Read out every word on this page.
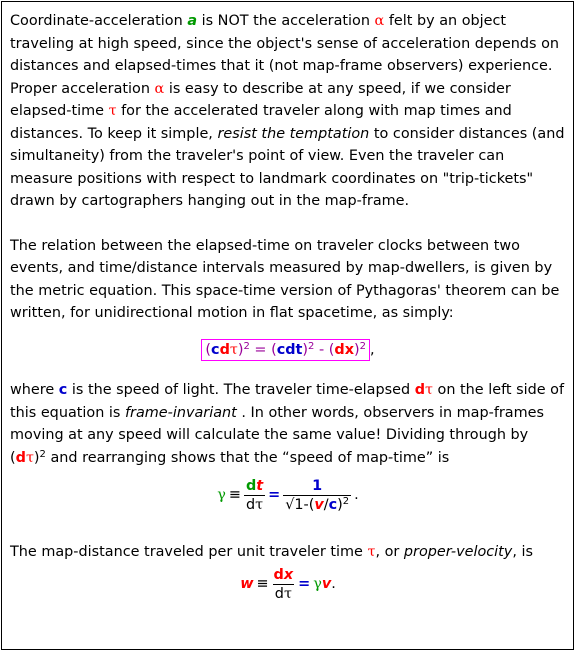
Coordinate-acceleration a is NOT the acceleration α felt by an object traveling at high speed, since the object's sense of acceleration depends on distances and elapsed-times that it (not map-frame observers) experience. Proper acceleration α is easy to describe at any speed, if we consider elapsed-time τ for the accelerated traveler along with map times and distances. To keep it simple, resist the temptation to consider distances (and simultaneity) from the traveler's point of view. Even the traveler can measure positions with respect to landmark coordinates on "trip-tickets" drawn by cartographers hanging out in the map-frame.

The relation between the elapsed-time on traveler clocks between two events, and time/distance intervals measured by map-dwellers, is given by the metric equation. This space-time version of Pythagoras' theorem can be written, for unidirectional motion in flat spacetime, as simply:

$(cd\tau)^2 = (cdt)^2 - (dx)^2$ ,

where c is the speed of light. The traveler time-elapsed dτ on the left side of this equation is frame-invariant . In other words, observers in map-frames moving at any speed will calculate the same value! Dividing through by $(d\tau)^2$ and rearranging shows that the “speed of map-time” is

$\gamma \equiv \frac{dt}{d\tau} = \frac{1}{√1-(v/c)^2}$ .

The map-distance traveled per unit traveler time τ, or proper-velocity, is

$w \equiv \frac{dx}{d\tau} = \gamma v$.
